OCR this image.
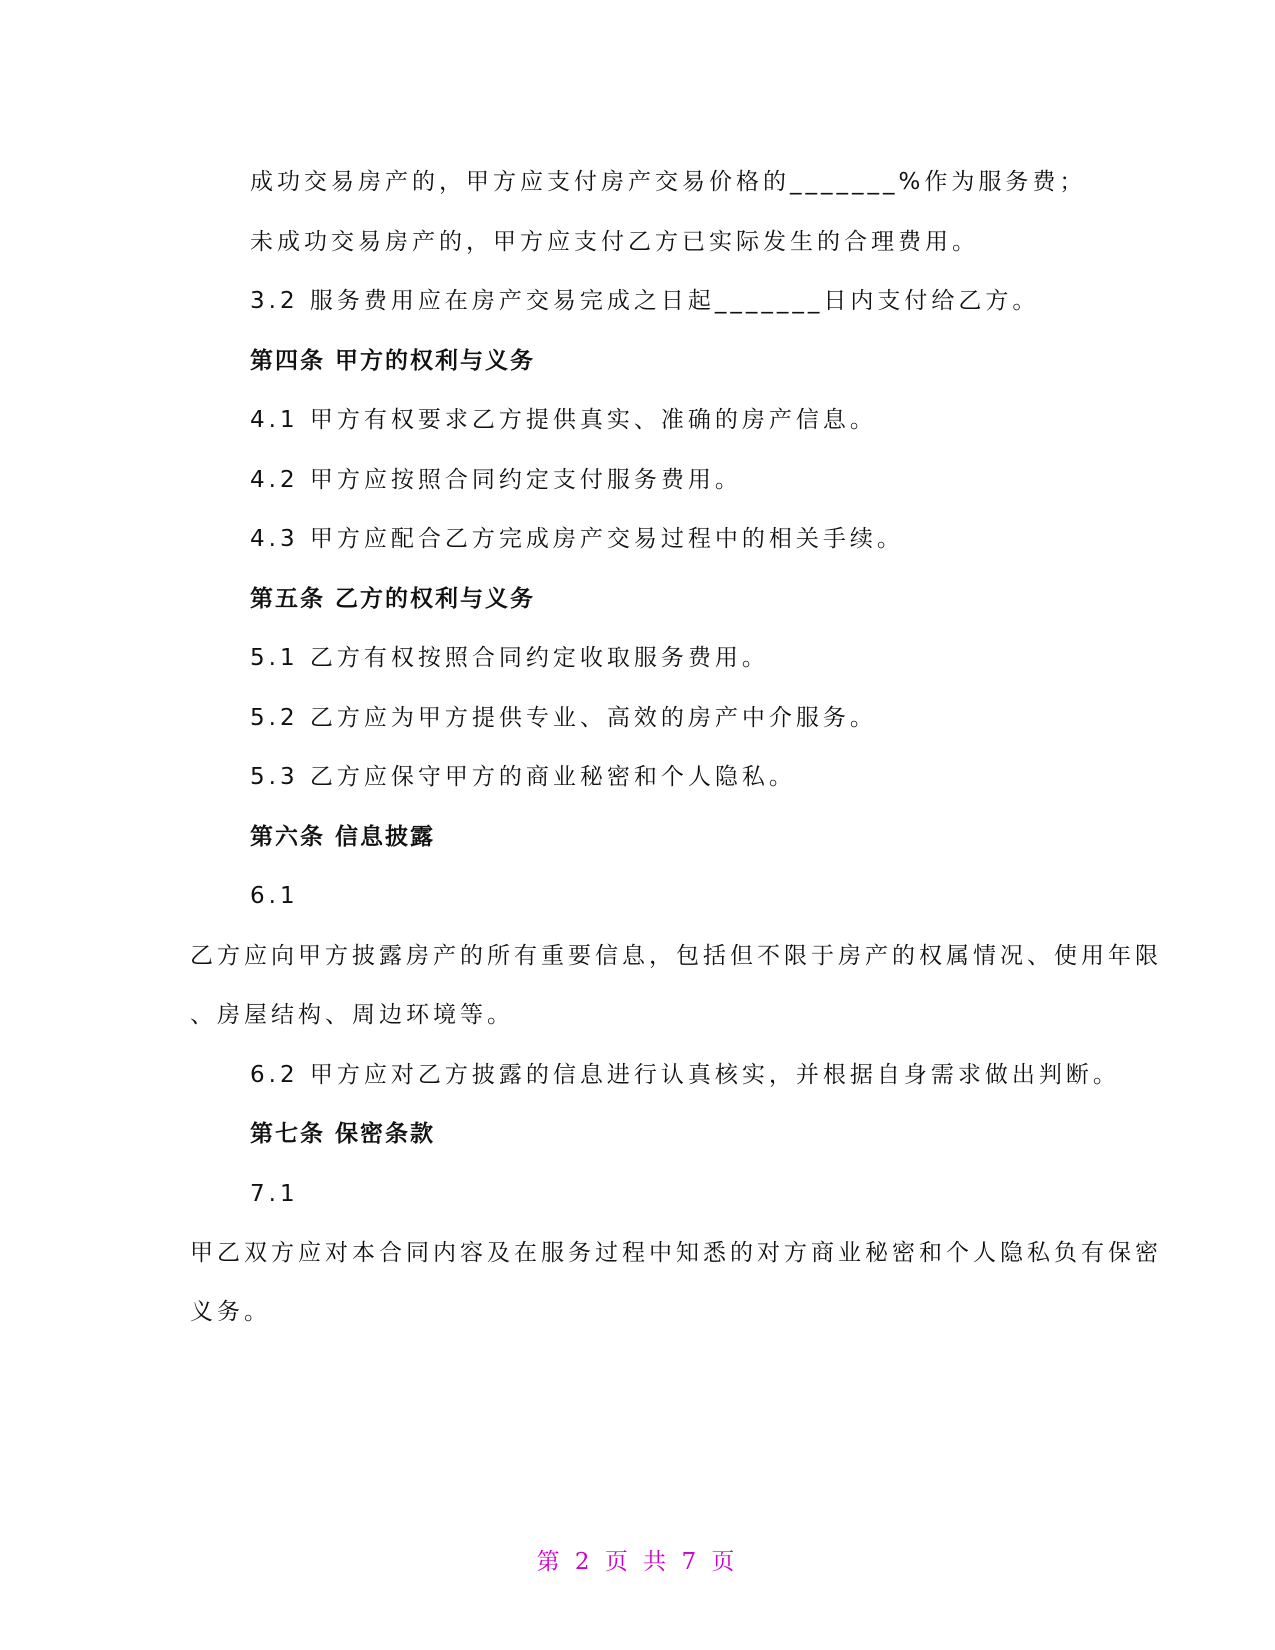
成功交易房产的，甲方应支付房产交易价格的_______%作为服务费；
未成功交易房产的，甲方应支付乙方已实际发生的合理费用。
3.2 服务费用应在房产交易完成之日起_______日内支付给乙方。
第四条 甲方的权利与义务
4.1 甲方有权要求乙方提供真实、准确的房产信息。
4.2 甲方应按照合同约定支付服务费用。
4.3 甲方应配合乙方完成房产交易过程中的相关手续。
第五条 乙方的权利与义务
5.1 乙方有权按照合同约定收取服务费用。
5.2 乙方应为甲方提供专业、高效的房产中介服务。
5.3 乙方应保守甲方的商业秘密和个人隐私。
第六条 信息披露
6.1
乙方应向甲方披露房产的所有重要信息，包括但不限于房产的权属情况、使用年限
、房屋结构、周边环境等。
6.2 甲方应对乙方披露的信息进行认真核实，并根据自身需求做出判断。
第七条 保密条款
7.1
甲乙双方应对本合同内容及在服务过程中知悉的对方商业秘密和个人隐私负有保密
义务。
第 2 页 共 7 页
